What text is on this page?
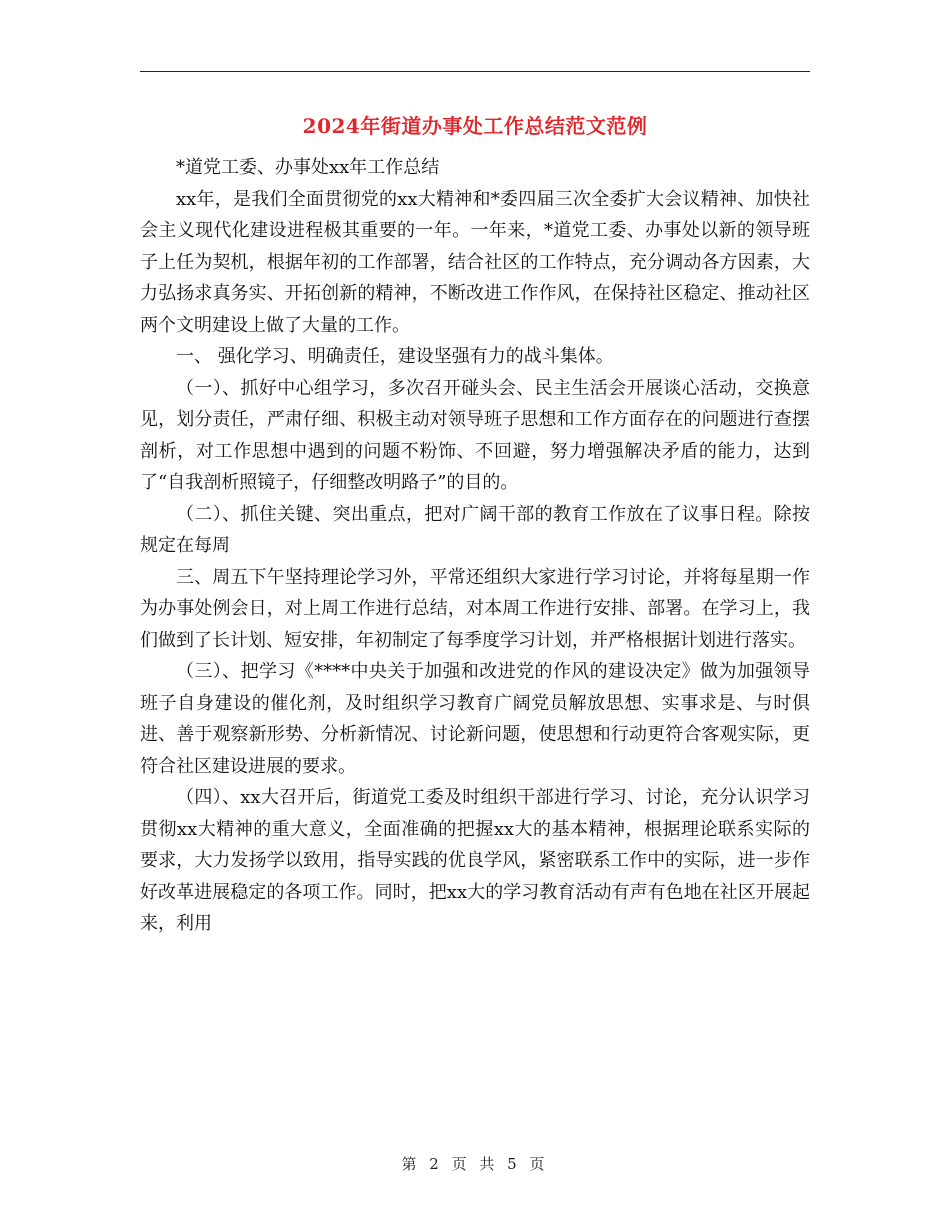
2024年街道办事处工作总结范文范例

*道党工委、办事处xx年工作总结

xx年，是我们全面贯彻党的xx大精神和*委四届三次全委扩大会议精神、加快社会主义现代化建设进程极其重要的一年。一年来，*道党工委、办事处以新的领导班子上任为契机，根据年初的工作部署，结合社区的工作特点，充分调动各方因素，大力弘扬求真务实、开拓创新的精神，不断改进工作作风，在保持社区稳定、推动社区两个文明建设上做了大量的工作。

一、 强化学习、明确责任，建设坚强有力的战斗集体。

（一）、抓好中心组学习，多次召开碰头会、民主生活会开展谈心活动，交换意见，划分责任，严肃仔细、积极主动对领导班子思想和工作方面存在的问题进行查摆剖析，对工作思想中遇到的问题不粉饰、不回避，努力增强解决矛盾的能力，达到了“自我剖析照镜子，仔细整改明路子”的目的。

（二）、抓住关键、突出重点，把对广阔干部的教育工作放在了议事日程。除按规定在每周

三、周五下午坚持理论学习外，平常还组织大家进行学习讨论，并将每星期一作为办事处例会日，对上周工作进行总结，对本周工作进行安排、部署。在学习上，我们做到了长计划、短安排，年初制定了每季度学习计划，并严格根据计划进行落实。

（三）、把学习《****中央关于加强和改进党的作风的建设决定》做为加强领导班子自身建设的催化剂，及时组织学习教育广阔党员解放思想、实事求是、与时俱进、善于观察新形势、分析新情况、讨论新问题，使思想和行动更符合客观实际，更符合社区建设进展的要求。

（四）、xx大召开后，街道党工委及时组织干部进行学习、讨论，充分认识学习贯彻xx大精神的重大意义，全面准确的把握xx大的基本精神，根据理论联系实际的要求，大力发扬学以致用，指导实践的优良学风，紧密联系工作中的实际，进一步作好改革进展稳定的各项工作。同时，把xx大的学习教育活动有声有色地在社区开展起来，利用

第 2 页 共 5 页
